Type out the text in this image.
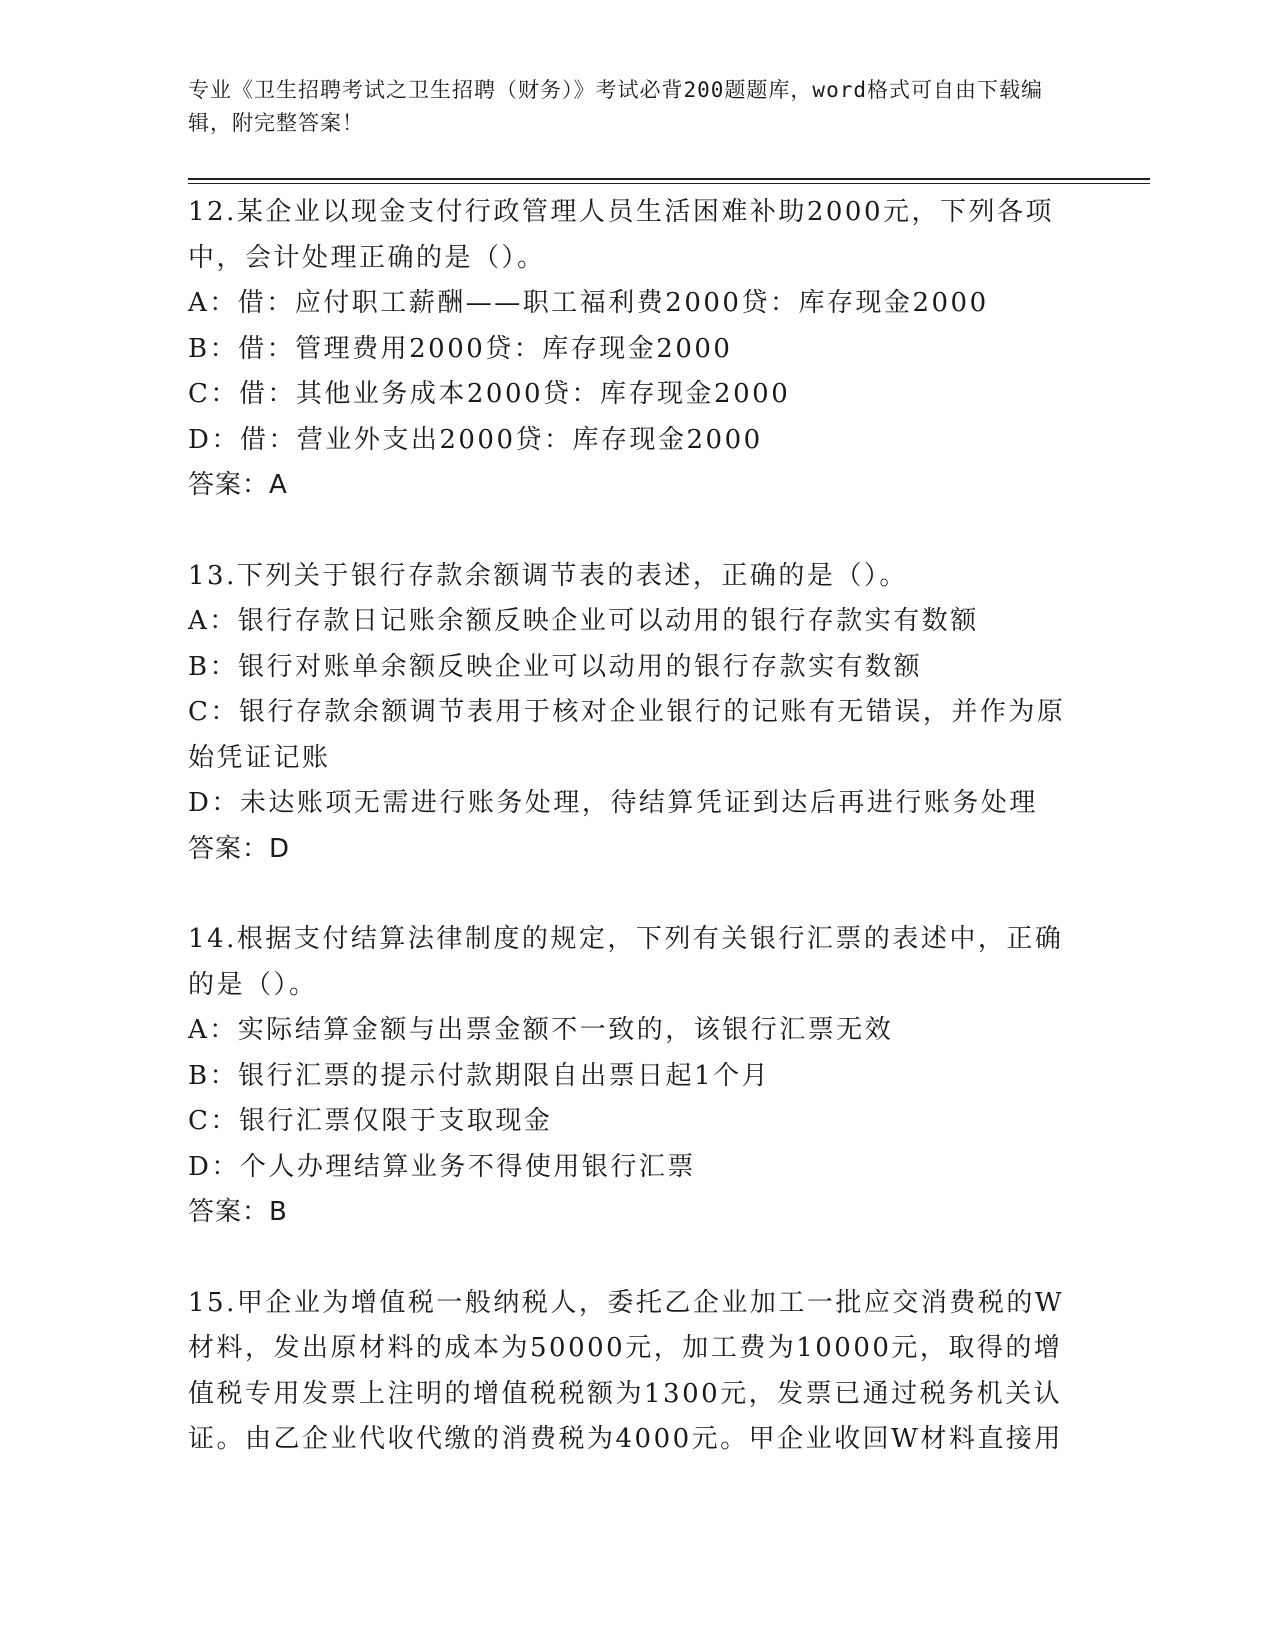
专业《卫生招聘考试之卫生招聘（财务）》考试必背200题题库，word格式可自由下载编辑，附完整答案！

12.某企业以现金支付行政管理人员生活困难补助2000元，下列各项中，会计处理正确的是（）。

A：借：应付职工薪酬——职工福利费2000贷：库存现金2000

B：借：管理费用2000贷：库存现金2000

C：借：其他业务成本2000贷：库存现金2000

D：借：营业外支出2000贷：库存现金2000

答案：A

13.下列关于银行存款余额调节表的表述，正确的是（）。

A：银行存款日记账余额反映企业可以动用的银行存款实有数额

B：银行对账单余额反映企业可以动用的银行存款实有数额

C：银行存款余额调节表用于核对企业银行的记账有无错误，并作为原始凭证记账

D：未达账项无需进行账务处理，待结算凭证到达后再进行账务处理

答案：D

14.根据支付结算法律制度的规定，下列有关银行汇票的表述中，正确的是（）。

A：实际结算金额与出票金额不一致的，该银行汇票无效

B：银行汇票的提示付款期限自出票日起1个月

C：银行汇票仅限于支取现金

D：个人办理结算业务不得使用银行汇票

答案：B

15.甲企业为增值税一般纳税人，委托乙企业加工一批应交消费税的W材料，发出原材料的成本为50000元，加工费为10000元，取得的增值税专用发票上注明的增值税税额为1300元，发票已通过税务机关认证。由乙企业代收代缴的消费税为4000元。甲企业收回W材料直接用
